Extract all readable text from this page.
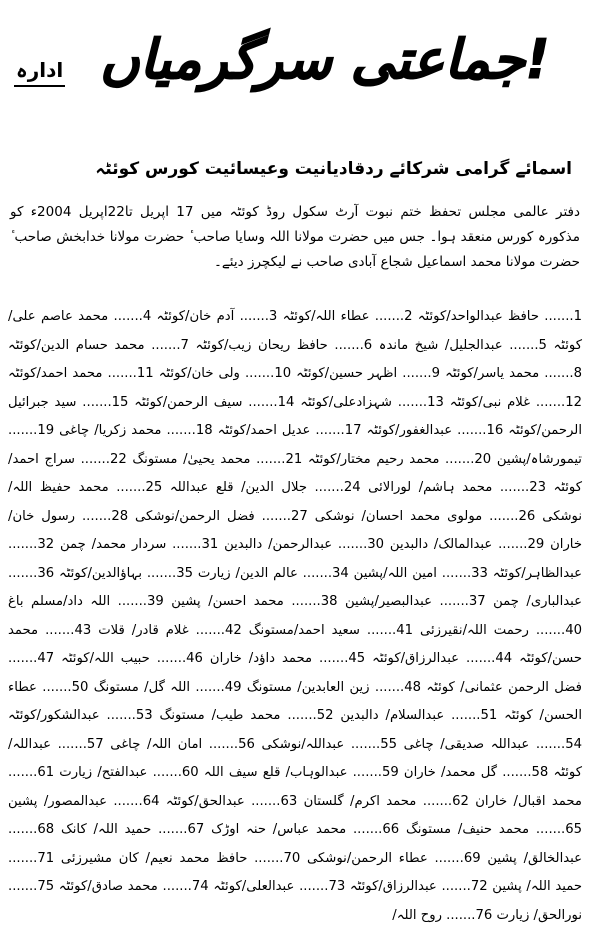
ادارہ جماعتی سرگرمیاں!
اسمائے گرامی شرکائے ردقادیانیت وعیسائیت کورس کوئٹہ
دفتر عالمی مجلس تحفظ ختم نبوت آرٹ سکول روڈ کوئٹہ میں 17 اپریل تا22اپریل 2004ء کو مذکورہ کورس منعقد ہوا۔ جس میں حضرت مولانا اللہ وسایا صاحب ٔ حضرت مولانا خدابخش صاحب ٔ حضرت مولانا محمد اسماعیل شجاع آبادی صاحب نے لیکچرز دیئے۔
1....... حافظ عبدالواحد/کوئٹہ 2....... عطاء اللہ/کوئٹہ 3....... آدم خان/کوئٹہ 4....... محمد عاصم علی/کوئٹہ 5....... عبدالجلیل/ شیخ ماندہ 6....... حافظ ریحان زیب/کوئٹہ 7....... محمد حسام الدین/کوئٹہ 8....... محمد یاسر/کوئٹہ 9....... اظہر حسین/کوئٹہ 10....... ولی خان/کوئٹہ 11....... محمد احمد/کوئٹہ 12....... غلام نبی/کوئٹہ 13....... شہزادعلی/کوئٹہ 14....... سیف الرحمن/کوئٹہ 15....... سید جبرائیل الرحمن/کوئٹہ 16....... عبدالغفور/کوئٹہ 17....... عدیل احمد/کوئٹہ 18....... محمد زکریا/ چاغی 19....... تیمورشاہ/پشین 20....... محمد رحیم مختار/کوئٹہ 21....... محمد یحییٰ/ مستونگ 22....... سراج احمد/ کوئٹہ 23....... محمد ہاشم/ لورالائی 24....... جلال الدین/ قلع عبداللہ 25....... محمد حفیظ اللہ/ نوشکی 26....... مولوی محمد احسان/ نوشکی 27....... فضل الرحمن/نوشکی 28....... رسول خان/ خاران 29....... عبدالمالک/ دالبدین 30....... عبدالرحمن/ دالبدین 31....... سردار محمد/ چمن 32....... عبدالظاہر/کوئٹہ 33....... امین اللہ/پشین 34....... عالم الدین/ زیارت 35....... بہاؤالدین/کوئٹہ 36....... عبدالباری/ چمن 37....... عبدالبصیر/پشین 38....... محمد احسن/ پشین 39....... اللہ داد/مسلم باغ 40....... رحمت اللہ/نقیرزئی 41....... سعید احمد/مستونگ 42....... غلام قادر/ قلات 43....... محمد حسن/کوئٹہ 44....... عبدالرزاق/کوئٹہ 45....... محمد داؤد/ خاران 46....... حبیب اللہ/کوئٹہ 47....... فضل الرحمن عثمانی/ کوئٹہ 48....... زین العابدین/ مستونگ 49....... اللہ گل/ مستونگ 50....... عطاء الحسن/ کوئٹہ 51....... عبدالسلام/ دالبدین 52....... محمد طیب/ مستونگ 53....... عبدالشکور/کوئٹہ 54....... عبداللہ صدیقی/ چاغی 55....... عبداللہ/نوشکی 56....... امان اللہ/ چاغی 57....... عبداللہ/کوئٹہ 58....... گل محمد/ خاران 59....... عبدالوہاب/ قلع سیف اللہ 60....... عبدالفتح/ زیارت 61....... محمد اقبال/ خاران 62....... محمد اکرم/ گلستان 63....... عبدالحق/کوئٹہ 64....... عبدالمصور/ پشین 65....... محمد حنیف/ مستونگ 66....... محمد عباس/ حنہ اوڑک 67....... حمید اللہ/ کانک 68....... عبدالخالق/ پشین 69....... عطاء الرحمن/نوشکی 70....... حافظ محمد نعیم/ کان مشیرزئی 71....... حمید اللہ/ پشین 72....... عبدالرزاق/کوئٹہ 73....... عبدالعلی/کوئٹہ 74....... محمد صادق/کوئٹہ 75....... نورالحق/ زیارت 76....... روح اللہ/
